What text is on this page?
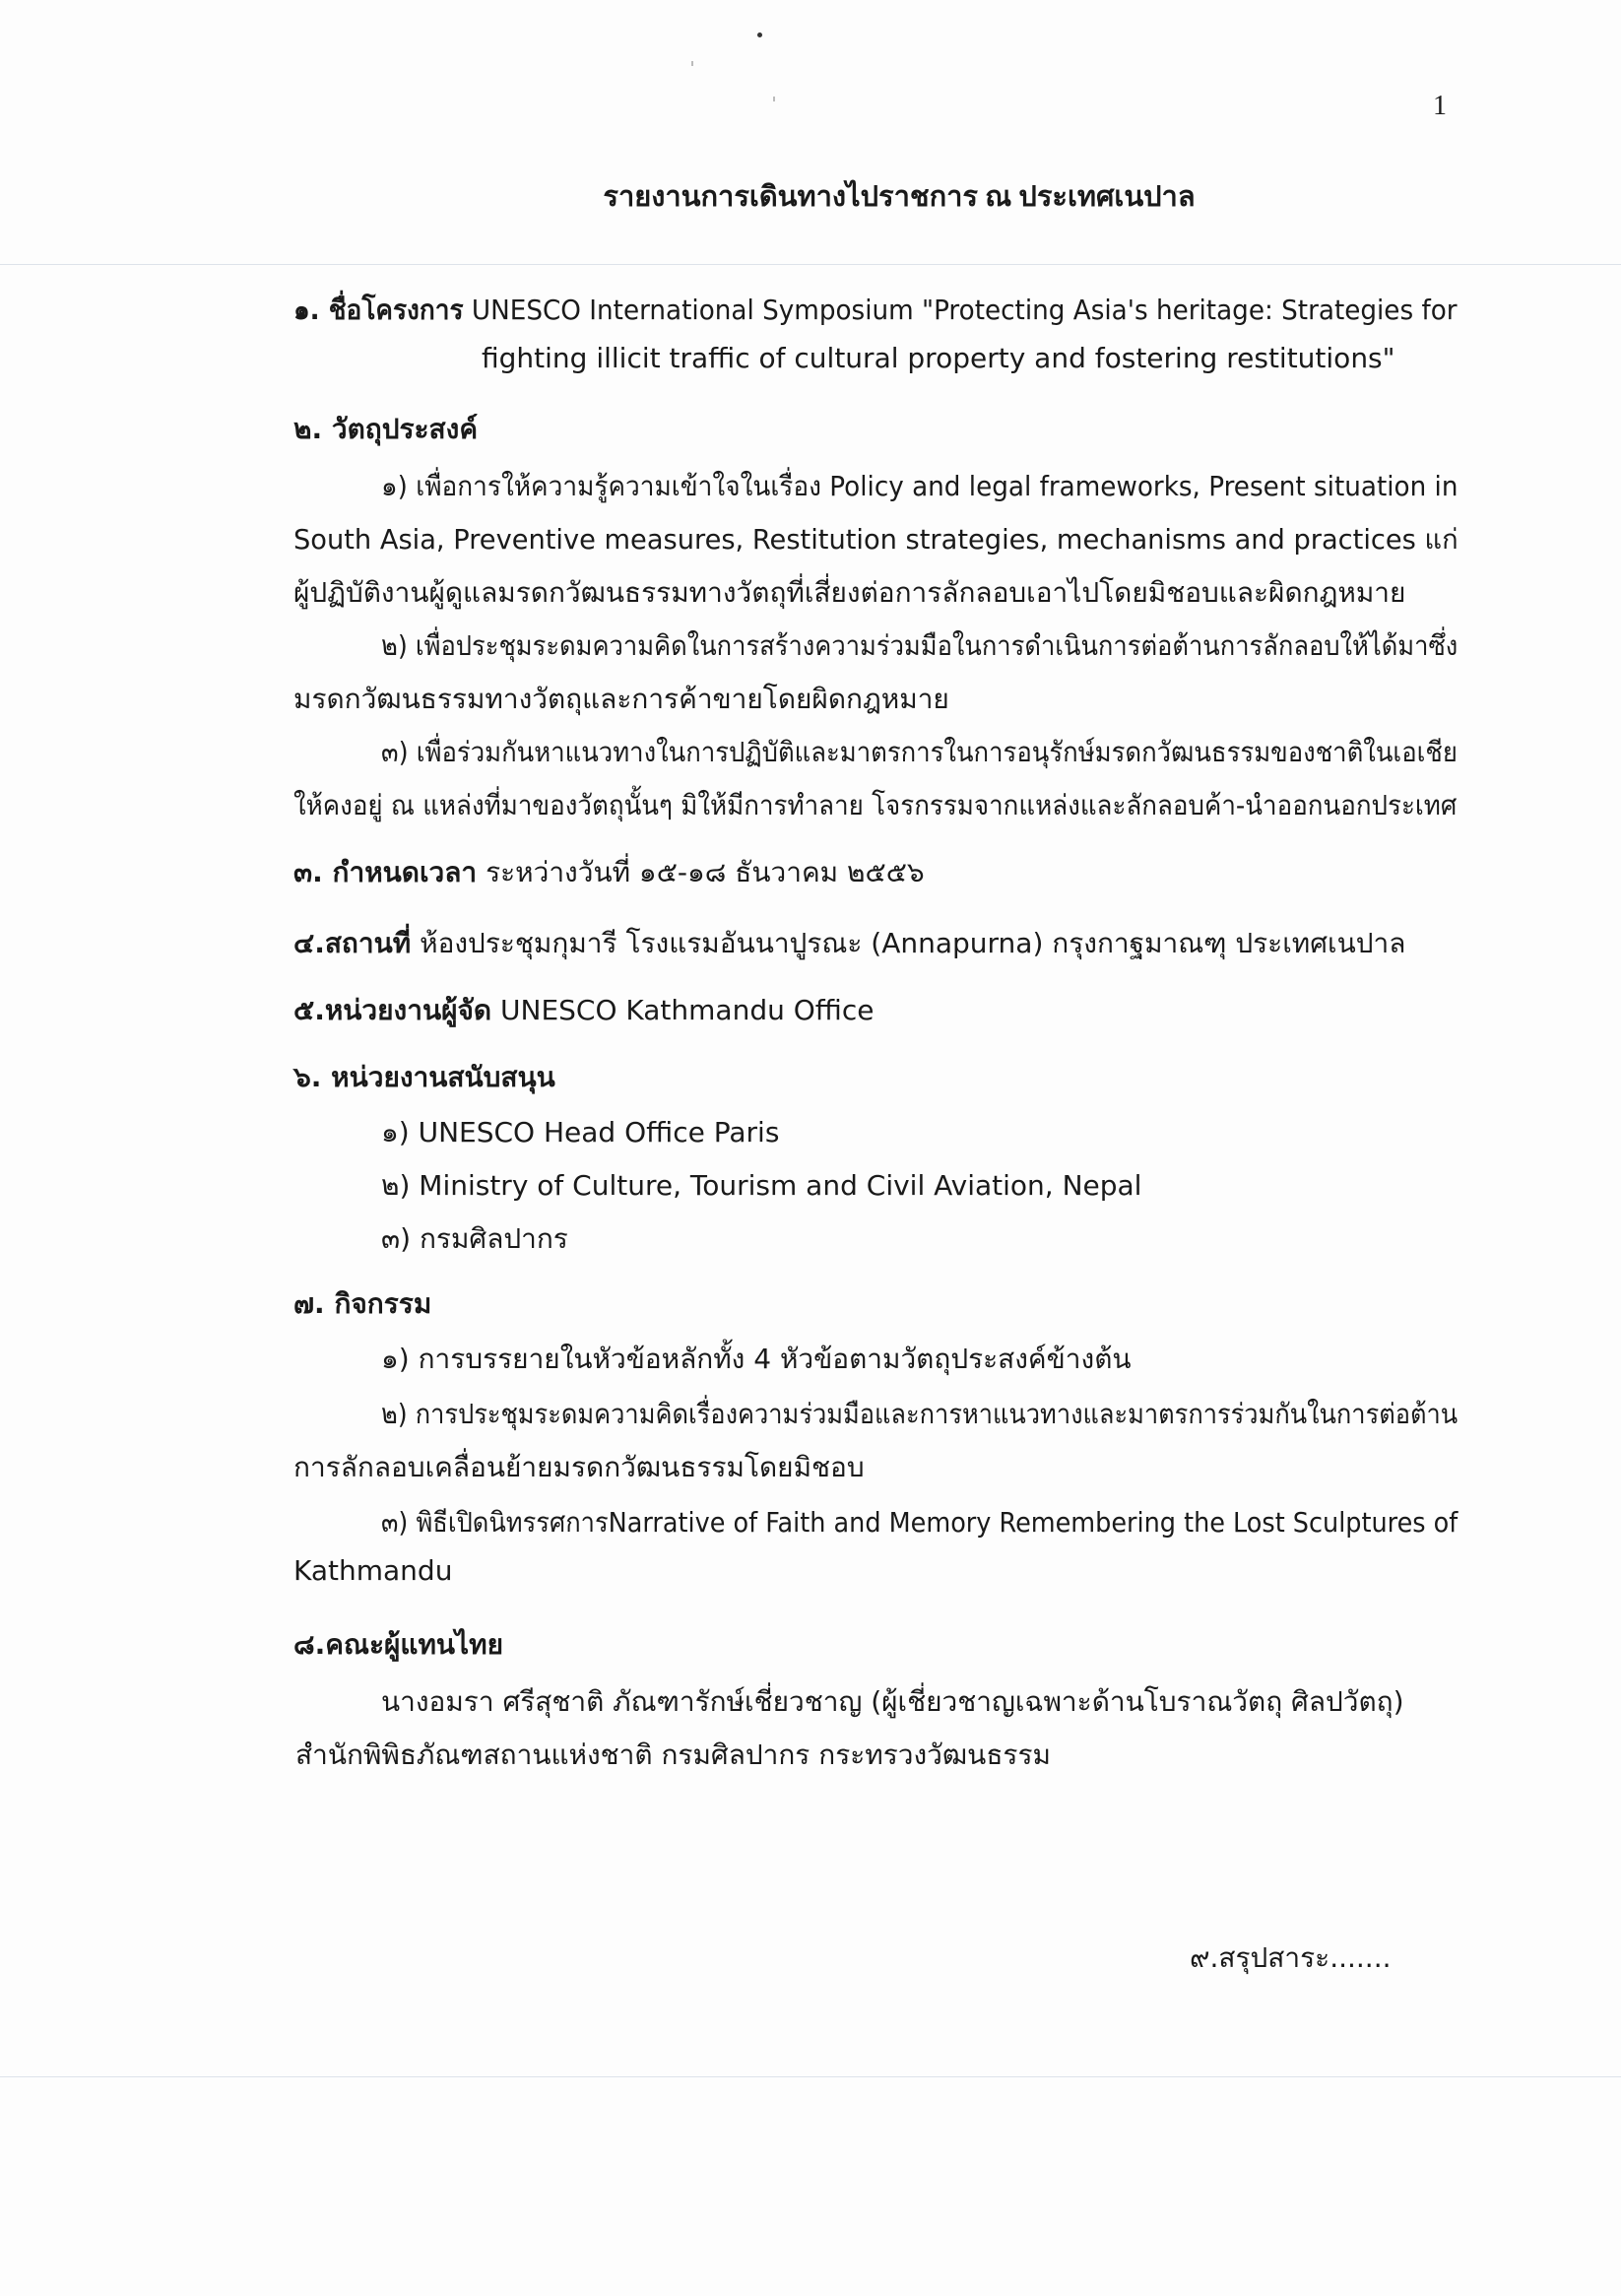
1
รายงานการเดินทางไปราชการ ณ ประเทศเนปาล
๑. ชื่อโครงการ UNESCO International Symposium "Protecting Asia's heritage: Strategies for
fighting illicit traffic of cultural property and fostering restitutions"
๒. วัตถุประสงค์
๑) เพื่อการให้ความรู้ความเข้าใจในเรื่อง Policy and legal frameworks, Present situation in
South Asia, Preventive measures, Restitution strategies, mechanisms and practices แก่
ผู้ปฏิบัติงานผู้ดูแลมรดกวัฒนธรรมทางวัตถุที่เสี่ยงต่อการลักลอบเอาไปโดยมิชอบและผิดกฎหมาย
๒) เพื่อประชุมระดมความคิดในการสร้างความร่วมมือในการดำเนินการต่อต้านการลักลอบให้ได้มาซึ่ง
มรดกวัฒนธรรมทางวัตถุและการค้าขายโดยผิดกฎหมาย
๓) เพื่อร่วมกันหาแนวทางในการปฏิบัติและมาตรการในการอนุรักษ์มรดกวัฒนธรรมของชาติในเอเชีย
ให้คงอยู่ ณ แหล่งที่มาของวัตถุนั้นๆ มิให้มีการทำลาย โจรกรรมจากแหล่งและลักลอบค้า-นำออกนอกประเทศ
๓. กำหนดเวลา ระหว่างวันที่ ๑๕-๑๘ ธันวาคม ๒๕๕๖
๔.สถานที่ ห้องประชุมกุมารี โรงแรมอันนาปูรณะ (Annapurna) กรุงกาฐมาณฑุ ประเทศเนปาล
๕.หน่วยงานผู้จัด UNESCO Kathmandu Office
๖. หน่วยงานสนับสนุน
๑) UNESCO Head Office Paris
๒) Ministry of Culture, Tourism and Civil Aviation, Nepal
๓) กรมศิลปากร
๗. กิจกรรม
๑) การบรรยายในหัวข้อหลักทั้ง 4 หัวข้อตามวัตถุประสงค์ข้างต้น
๒) การประชุมระดมความคิดเรื่องความร่วมมือและการหาแนวทางและมาตรการร่วมกันในการต่อต้าน
การลักลอบเคลื่อนย้ายมรดกวัฒนธรรมโดยมิชอบ
๓) พิธีเปิดนิทรรศการNarrative of Faith and Memory Remembering the Lost Sculptures of
Kathmandu
๘.คณะผู้แทนไทย
นางอมรา ศรีสุชาติ ภัณฑารักษ์เชี่ยวชาญ (ผู้เชี่ยวชาญเฉพาะด้านโบราณวัตถุ ศิลปวัตถุ)
สำนักพิพิธภัณฑสถานแห่งชาติ กรมศิลปากร กระทรวงวัฒนธรรม
๙.สรุปสาระ.......
